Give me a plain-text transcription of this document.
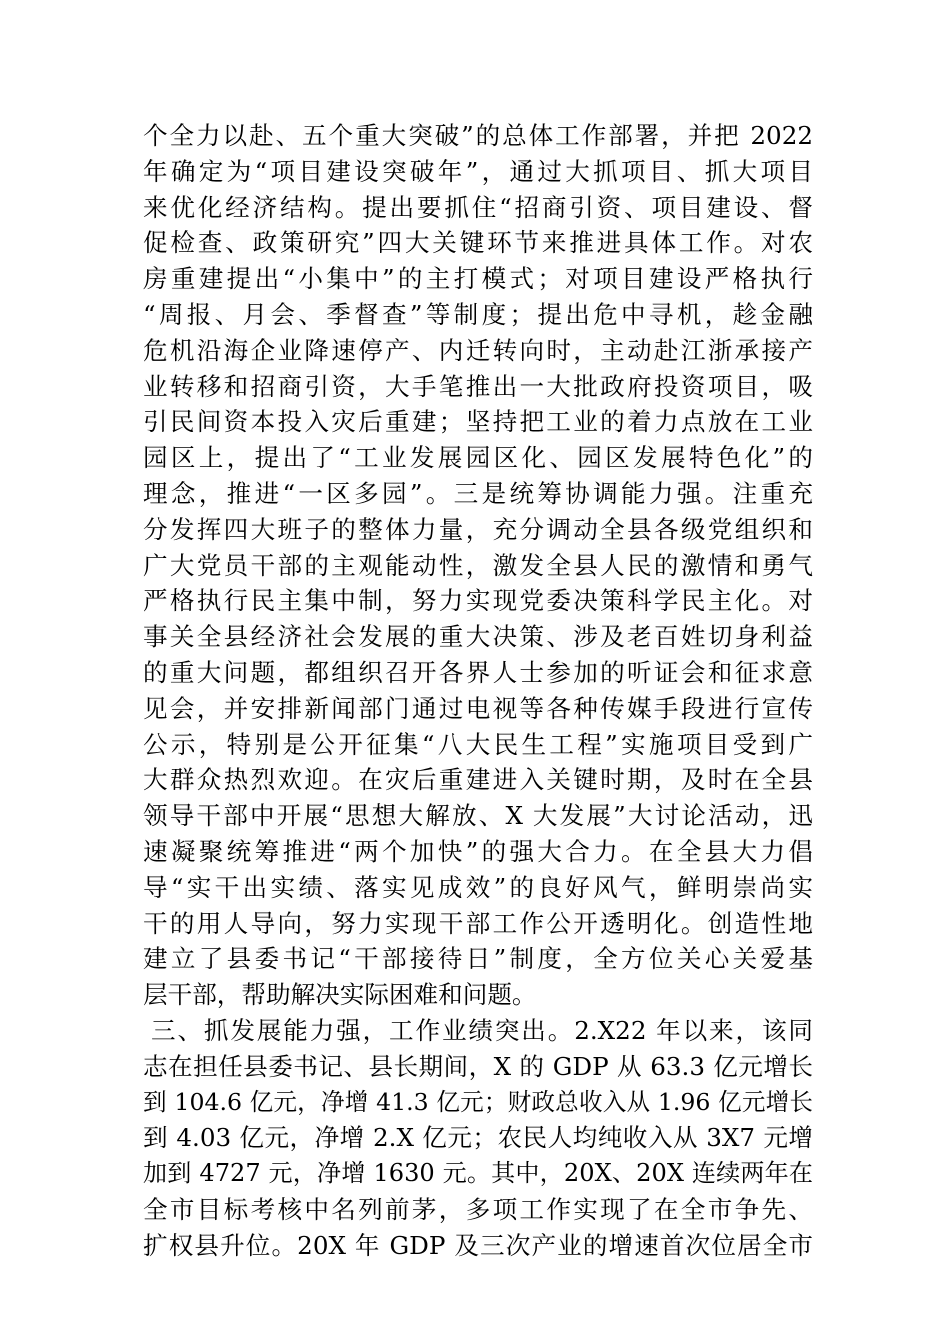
个全力以赴、五个重大突破”的总体工作部署，并把 2022
年确定为“项目建设突破年”，通过大抓项目、抓大项目
来优化经济结构。提出要抓住“招商引资、项目建设、督
促检查、政策研究”四大关键环节来推进具体工作。对农
房重建提出“小集中”的主打模式；对项目建设严格执行
“周报、月会、季督查”等制度；提出危中寻机，趁金融
危机沿海企业降速停产、内迁转向时，主动赴江浙承接产
业转移和招商引资，大手笔推出一大批政府投资项目，吸
引民间资本投入灾后重建；坚持把工业的着力点放在工业
园区上，提出了“工业发展园区化、园区发展特色化”的
理念，推进“一区多园”。三是统筹协调能力强。注重充
分发挥四大班子的整体力量，充分调动全县各级党组织和
广大党员干部的主观能动性，激发全县人民的激情和勇气
严格执行民主集中制，努力实现党委决策科学民主化。对
事关全县经济社会发展的重大决策、涉及老百姓切身利益
的重大问题，都组织召开各界人士参加的听证会和征求意
见会，并安排新闻部门通过电视等各种传媒手段进行宣传
公示，特别是公开征集“八大民生工程”实施项目受到广
大群众热烈欢迎。在灾后重建进入关键时期，及时在全县
领导干部中开展“思想大解放、X 大发展”大讨论活动，迅
速凝聚统筹推进“两个加快”的强大合力。在全县大力倡
导“实干出实绩、落实见成效”的良好风气，鲜明崇尚实
干的用人导向，努力实现干部工作公开透明化。创造性地
建立了县委书记“干部接待日”制度，全方位关心关爱基
层干部，帮助解决实际困难和问题。
三、抓发展能力强，工作业绩突出。2.X22 年以来，该同
志在担任县委书记、县长期间，X 的 GDP 从 63.3 亿元增长
到 104.6 亿元，净增 41.3 亿元；财政总收入从 1.96 亿元增长
到 4.03 亿元，净增 2.X 亿元；农民人均纯收入从 3X7 元增
加到 4727 元，净增 1630 元。其中，20X、20X 连续两年在
全市目标考核中名列前茅，多项工作实现了在全市争先、
扩权县升位。20X 年 GDP 及三次产业的增速首次位居全市
